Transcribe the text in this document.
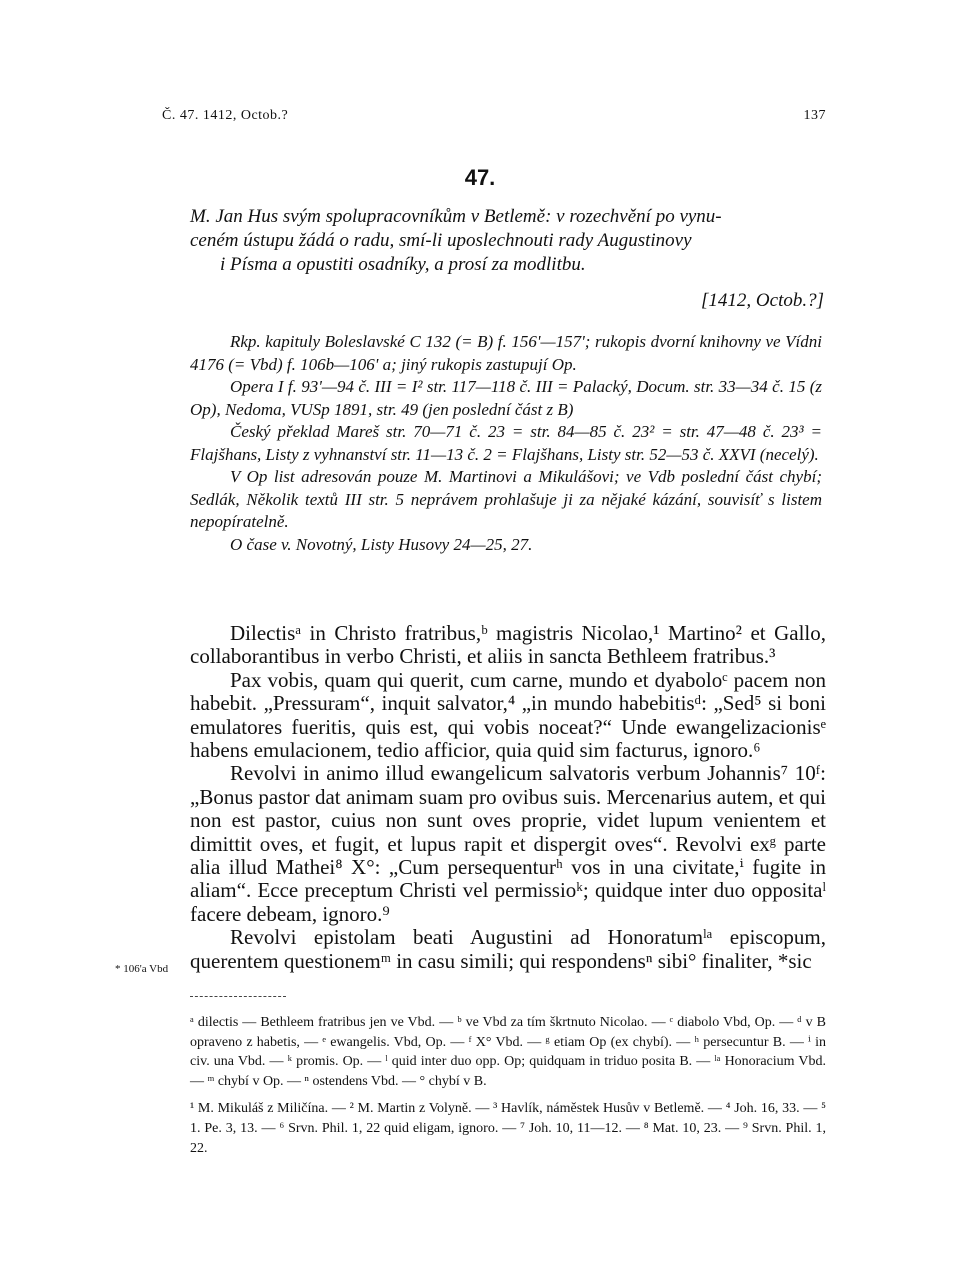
Č. 47. 1412, Octob.?	137
47.
M. Jan Hus svým spolupracovníkům v Betlemě: v rozechvění po vynu-
ceném ústupu žádá o radu, smí-li uposlechnouti rady Augustinovy
i Písma a opustiti osadníky, a prosí za modlitbu.
[1412, Octob.?]

Rkp. kapituly Boleslavské C 132 (= B) f. 156'—157'; rukopis dvorní knihovny ve Vídni 4176 (= Vbd) f. 106b—106' a; jiný rukopis zastupují Op.

Opera I f. 93'—94 č. III = I² str. 117—118 č. III = Palacký, Docum. str. 33—34 č. 15 (z Op), Nedoma, VUSp 1891, str. 49 (jen poslední část z B)

Český překlad Mareš str. 70—71 č. 23 = str. 84—85 č. 23² = str. 47—48 č. 23³ = Flajšhans, Listy z vyhnanství str. 11—13 č. 2 = Flajšhans, Listy str. 52—53 č. XXVI (necelý).

V Op list adresován pouze M. Martinovi a Mikulášovi; ve Vdb poslední část chybí; Sedlák, Několik textů III str. 5 neprávem prohlašuje ji za nějaké kázání, souvisíť s listem nepopíratelně.

O čase v. Novotný, Listy Husovy 24—25, 27.

Dilectisᵃ in Christo fratribus,ᵇ magistris Nicolao,¹ Martino² et Gallo, collaborantibus in verbo Christi, et aliis in sancta Bethleem fratribus.³

Pax vobis, quam qui querit, cum carne, mundo et dyaboloᶜ pacem non habebit. „Pressuram“, inquit salvator,⁴ „in mundo habebitisᵈ: „Sed⁵ si boni emulatores fueritis, quis est, qui vobis noceat?“ Unde ewangelizacionisᵉ habens emulacionem, tedio afficior, quia quid sim facturus, ignoro.⁶

Revolvi in animo illud ewangelicum salvatoris verbum Johannis⁷ 10ᶠ: „Bonus pastor dat animam suam pro ovibus suis. Mercenarius autem, et qui non est pastor, cuius non sunt oves proprie, videt lupum venientem et dimittit oves, et fugit, et lupus rapit et dispergit oves“. Revolvi exᵍ parte alia illud Mathei⁸ X°: „Cum persequenturʰ vos in una civitate,ⁱ fugite in aliam“. Ecce preceptum Christi vel permissioᵏ; quidque inter duo oppositaˡ facere debeam, ignoro.⁹

Revolvi epistolam beati Augustini ad Honoratumˡᵃ episcopum, querentem questionemᵐ in casu simili; qui respondensⁿ sibi° finaliter, *sic

* 106'a Vbd

ᵃ dilectis — Bethleem fratribus jen ve Vbd. — ᵇ ve Vbd za tím škrtnuto Nicolao. — ᶜ diabolo Vbd, Op. — ᵈ v B opraveno z habetis, — ᵉ ewangelis. Vbd, Op. — ᶠ X° Vbd. — ᵍ etiam Op (ex chybí). — ʰ persecuntur B. — ⁱ in civ. una Vbd. — ᵏ promis. Op. — ˡ quid inter duo opp. Op; quidquam in triduo posita B. — ˡᵃ Honoracium Vbd. — ᵐ chybí v Op. — ⁿ ostendens Vbd. — ° chybí v B.

¹ M. Mikuláš z Miličína. — ² M. Martin z Volyně. — ³ Havlík, náměstek Husův v Betlemě. — ⁴ Joh. 16, 33. — ⁵ 1. Pe. 3, 13. — ⁶ Srvn. Phil. 1, 22 quid eligam, ignoro. — ⁷ Joh. 10, 11—12. — ⁸ Mat. 10, 23. — ⁹ Srvn. Phil. 1, 22.
